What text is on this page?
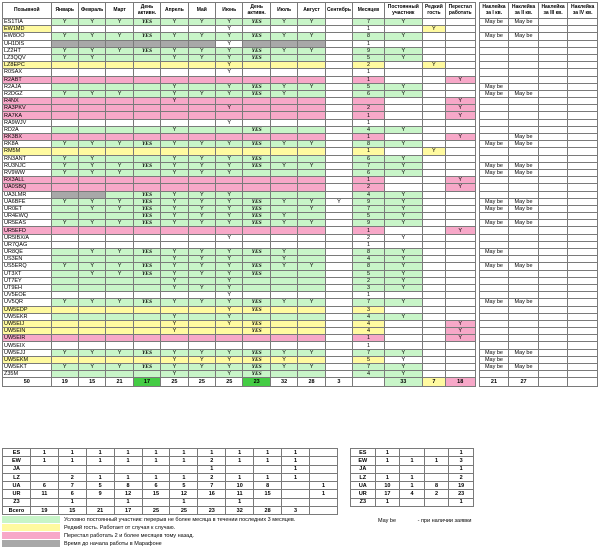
Позывной	Январь	Февраль	Март	День активн.	Апрель	Май	Июнь	День активн.	Июль	Август	Сентябрь	Месяцев	Постоянный участник	Редкий гость	Перестал работать		Наклейка за I кв.	Наклейка за II кв.	Наклейка за III кв.	Наклейка за IV кв.
ES1TIA	Y	Y	Y	YES	Y	Y	Y	YES	Y	Y		7	Y				May be	May be		
EW1MD							Y					1		Y						
EW8OO	Y	Y	Y	YES	Y	Y	Y	YES	Y	Y		8	Y				May be	May be		
UH1DIS							Y					1								
LZ2HT	Y	Y	Y	YES	Y	Y	Y	YES	Y	Y		9	Y							
LZ3QQV	Y	Y			Y	Y	Y	YES				5	Y							
LZ8EPC							Y					2		Y						
R0SAX							Y					1								
R2ABT												1			Y					
R2AJA					Y		Y	YES	Y	Y		5	Y				May be			
R2DGZ	Y	Y	Y		Y	Y	Y	YES	Y			6	Y				May be	May be		
R4NX					Y										Y					
RA3PKV							Y					2			Y					
RA7KA												1			Y					
RA9WJV							Y					1								
RD2A					Y			YES				4	Y							
RK3BX												1			Y			May be		
RK8A	Y	Y	Y	YES	Y	Y	Y	YES	Y	Y		8	Y				May be	May be		
RM5M												1		Y						
RN3ANT	Y	Y			Y	Y	Y	YES				6	Y							
RU3NJC	Y	Y	Y	YES	Y	Y	Y	YES	Y	Y		7	Y				May be	May be		
RV9WW	Y	Y	Y		Y	Y	Y					6	Y				May be	May be		
RX3ALL												1			Y					
UA0SBQ												2			Y					
UA3LMR				YES	Y	Y	Y					4	Y							
UA6BFE	Y	Y	Y	YES	Y	Y	Y	YES	Y	Y	Y	9	Y				May be	May be		
UR0ET		Y	Y	YES	Y	Y	Y	YES		Y		7	Y				May be	May be		
UR4EWQ				YES	Y	Y	Y	YES	Y			5	Y							
UR5EAS	Y	Y	Y	YES	Y	Y	Y	YES	Y	Y		9	Y				May be	May be		
UR5EFD												1			Y					
UR5IBX/A							Y					2	Y							
UR7QAG												1								
UR8QE		Y	Y	YES	Y	Y	Y	YES	Y			8	Y				May be			
US3EN					Y	Y	Y		Y			4	Y							
US5ERQ	Y	Y	Y	YES	Y	Y	Y	YES	Y	Y		8	Y				May be	May be		
UT3XT		Y	Y	YES	Y	Y	Y	YES				5	Y							
UT7EY					Y		Y					2	Y							
UT9EH					Y	Y	Y					3	Y							
UV5EOE							Y					1								
UV5QR	Y	Y	Y	YES	Y	Y	Y	YES	Y	Y		7	Y				May be	May be		
UW5EDP							Y	YES				3								
UW5EKR					Y		Y					4	Y							
UW5EIJ					Y		Y	YES				4			Y					
UW5EIN					Y			YES				4			Y					
UW5EIR												1			Y					
UW5EIX												1								
UW5EJJ	Y	Y	Y	YES	Y	Y	Y	YES	Y	Y		7	Y				May be	May be		
UW5EKM					Y	Y	Y	YES	Y			5	Y				May be			
UW5EKT	Y	Y	Y	YES	Y	Y	Y	YES	Y	Y		7	Y				May be	May be		
Z35M					Y		Y	YES				4	Y							
50	19	15	21	17	25	25	25	23	32	28	3		33	7	18		21	27		
ES	1	1	1	1	1	1	1	1	1	1	
EW	1	1	1	1	1	1	2	1	1	1	
JA							1			1	
LZ		2	1	1	1	1	2	1	1	1	
UA	6	7	5	8	6	5	7	10	8		1
UR	11	6	9	12	15	12	16	11	15		1
Z3		1		1		1		1			
Всего	19	15	21	17	25	25	23	32	28	3	
ES	1			1
EW	1	1	1	3
JA				1
LZ	1	1		2
UA	10	1	8	19
UR	17	4	2	23
Z3	1			1
Условно постоянный участник: перерыв не более месяца в течении последних 3 месяцев.
Редкий гость. Работает от случая к случаю.
Перестал работать 2 и более месяцев тому назад.
Время до начала работы в Марафоне
May be	- при наличии заявки
